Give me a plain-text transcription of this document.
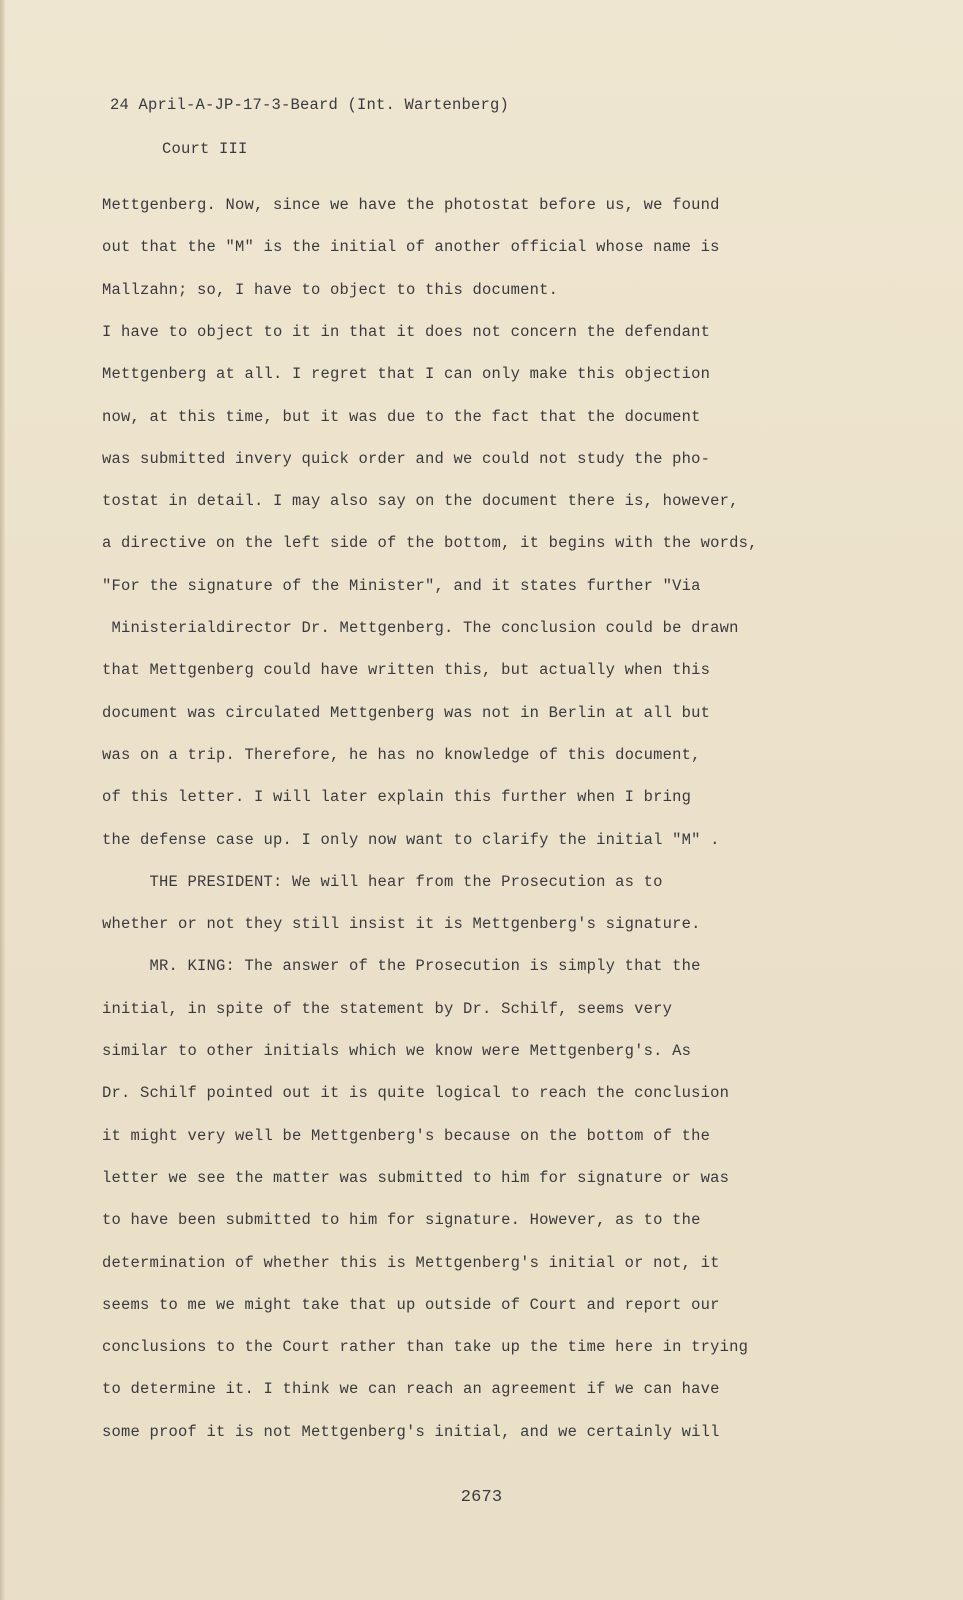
24 April-A-JP-17-3-Beard (Int. Wartenberg)
Court III
Mettgenberg. Now, since we have the photostat before us, we found
out that the "M" is the initial of another official whose name is
Mallzahn; so, I have to object to this document.
I have to object to it in that it does not concern the defendant
Mettgenberg at all. I regret that I can only make this objection
now, at this time, but it was due to the fact that the document
was submitted invery quick order and we could not study the pho-
tostat in detail. I may also say on the document there is, however,
a directive on the left side of the bottom, it begins with the words,
"For the signature of the Minister", and it states further "Via
Ministerialdirector Dr. Mettgenberg. The conclusion could be drawn
that Mettgenberg could have written this, but actually when this
document was circulated Mettgenberg was not in Berlin at all but
was on a trip. Therefore, he has no knowledge of this document,
of this letter. I will later explain this further when I bring
the defense case up. I only now want to clarify the initial "M" .
THE PRESIDENT: We will hear from the Prosecution as to
whether or not they still insist it is Mettgenberg's signature.
MR. KING: The answer of the Prosecution is simply that the
initial, in spite of the statement by Dr. Schilf, seems very
similar to other initials which we know were Mettgenberg's. As
Dr. Schilf pointed out it is quite logical to reach the conclusion
it might very well be Mettgenberg's because on the bottom of the
letter we see the matter was submitted to him for signature or was
to have been submitted to him for signature. However, as to the
determination of whether this is Mettgenberg's initial or not, it
seems to me we might take that up outside of Court and report our
conclusions to the Court rather than take up the time here in trying
to determine it. I think we can reach an agreement if we can have
some proof it is not Mettgenberg's initial, and we certainly will
2673
